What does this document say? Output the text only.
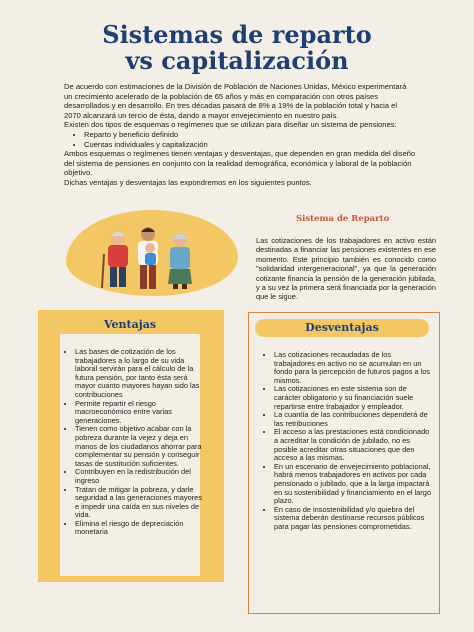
Sistemas de reparto
vs capitalización

De acuerdo con estimaciones de la División de Población de Naciones Unidas, México experimentará un crecimiento acelerado de la población de 65 años y más en comparación con otros países desarrollados y en desarrollo. En tres décadas pasará de 8% a 19% de la población total y hacia el 2070 alcanzará un tercio de ésta, dando a mayor envejecimiento en nuestro país.

Existen dos tipos de esquemas o regímenes que se utilizan para diseñar un sistema de pensiones:

• Reparto y beneficio definido
• Cuentas individuales y capitalización

Ambos esquemas o regímenes tienen ventajas y desventajas, que dependen en gran medida del diseño del sistema de pensiones en conjunto con la realidad demográfica, económica y laboral de la población objetivo.

Dichas ventajas y desventajas las expondremos en los siguientes puntos.

Sistema de Reparto
Las cotizaciones de los trabajadores en activo están destinadas a financiar las pensiones existentes en ese momento. Este principio también es conocido como "solidaridad intergeneracional", ya que la generación cotizante financia la pensión de la generación jubilada, y a su vez la primera será financiada por la generación que le sigue.
Ventajas
• Las bases de cotización de los trabajadores a lo largo de su vida laboral servirán para el cálculo de la futura pensión, por tanto ésta será mayor cuanto mayores hayan sido las contribuciones
• Permite repartir el riesgo macroeconómico entre varias generaciones.
• Tienen como objetivo acabar con la pobreza durante la vejez y deja en manos de los ciudadanos ahorrar para complementar su pensión y conseguir tasas de sustitución suficientes.
• Contribuyen en la redistribución del ingreso
• Tratan de mitigar la pobreza, y darle seguridad a las generaciones mayores e impedir una caída en sus niveles de vida.
• Elimina el riesgo de depreciación monetaria
Desventajas
• Las cotizaciones recaudadas de los trabajadores en activo no se acumulan en un fondo para la percepción de futuros pagos a los mismos.
• Las cotizaciones en este sistema son de carácter obligatorio y su financiación suele repartirse entre trabajador y empleador.
• La cuantía de las contribuciones dependerá de las retribuciones
• El acceso a las prestaciones está condicionado a acreditar la condición de jubilado, no es posible acreditar otras situaciones que den acceso a las mismas.
• En un escenario de envejecimiento poblacional, habrá menos trabajadores en activos por cada pensionado o jubilado, que a la larga impactará en su sostenibilidad y financiamiento en el largo plazo.
• En caso de insostenibilidad y/o quiebra del sistema deberán destinarse recursos públicos para pagar las pensiones comprometidas.
